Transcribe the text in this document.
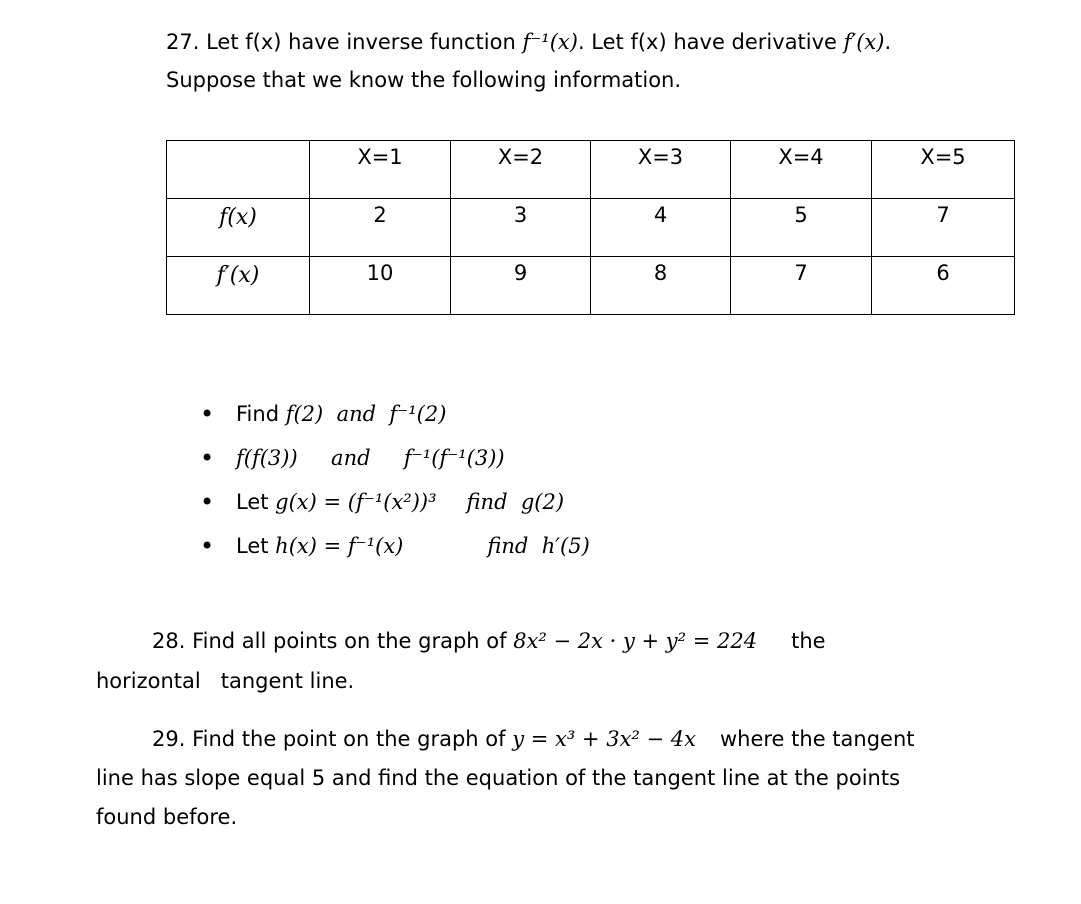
27. Let f(x) have inverse function f⁻¹(x). Let f(x) have derivative f′(x).

Suppose that we know the following information.

	X=1	X=2	X=3	X=4	X=5

f(x)	2	3	4	5	7

f′(x)	10	9	8	7	6
• Find f(2)  and  f⁻¹(2)
• f(f(3))     and     f⁻¹(f⁻¹(3))
• Let g(x) = (f⁻¹(x²))³ find  g(2)
• Let h(x) = f⁻¹(x)	find  h′(5)

28. Find all points on the graph of 8x² − 2x · y + y² = 224 the

horizontal   tangent line.

29. Find the point on the graph of y = x³ + 3x² − 4x where the tangent

line has slope equal 5 and find the equation of the tangent line at the points

found before.
